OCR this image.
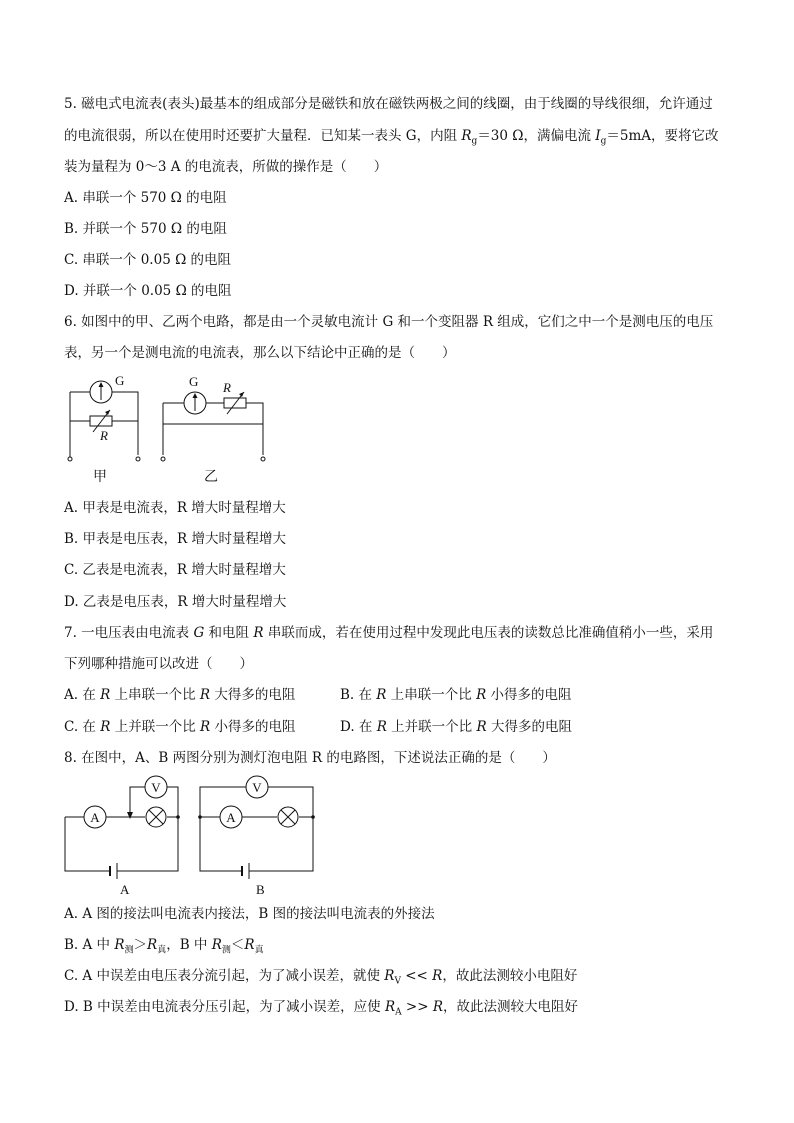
5. 磁电式电流表(表头)最基本的组成部分是磁铁和放在磁铁两极之间的线圈，由于线圈的导线很细，允许通过
的电流很弱，所以在使用时还要扩大量程．已知某一表头 G，内阻 $R_g=30$ Ω，满偏电流 $I_g=5mA$，要将它改
装为量程为 0～3 A 的电流表，所做的操作是（　　）
A. 串联一个 570 Ω 的电阻
B. 并联一个 570 Ω 的电阻
C. 串联一个 0.05 Ω 的电阻
D. 并联一个 0.05 Ω 的电阻
6. 如图中的甲、乙两个电路，都是由一个灵敏电流计 G 和一个变阻器 R 组成，它们之中一个是测电压的电压
表，另一个是测电流的电流表，那么以下结论中正确的是（　　）
G
R
甲
G R
乙
A. 甲表是电流表，R 增大时量程增大
B. 甲表是电压表，R 增大时量程增大
C. 乙表是电流表，R 增大时量程增大
D. 乙表是电压表，R 增大时量程增大
7. 一电压表由电流表 G 和电阻 R 串联而成，若在使用过程中发现此电压表的读数总比准确值稍小一些，采用
下列哪种措施可以改进（　　）
A. 在 R 上串联一个比 R 大得多的电阻	B. 在 R 上串联一个比 R 小得多的电阻
C. 在 R 上并联一个比 R 小得多的电阻	D. 在 R 上并联一个比 R 大得多的电阻
8. 在图中，A、B 两图分别为测灯泡电阻 R 的电路图，下述说法正确的是（　　）
A
V
A
A
V
B
A. A 图的接法叫电流表内接法，B 图的接法叫电流表的外接法
B. A 中 $R_测>R_真$，B 中 $R_测<R_真$
C. A 中误差由电压表分流引起，为了减小误差，就使 $R_V << R$，故此法测较小电阻好
D. B 中误差由电流表分压引起，为了减小误差，应使 $R_A >> R$，故此法测较大电阻好
